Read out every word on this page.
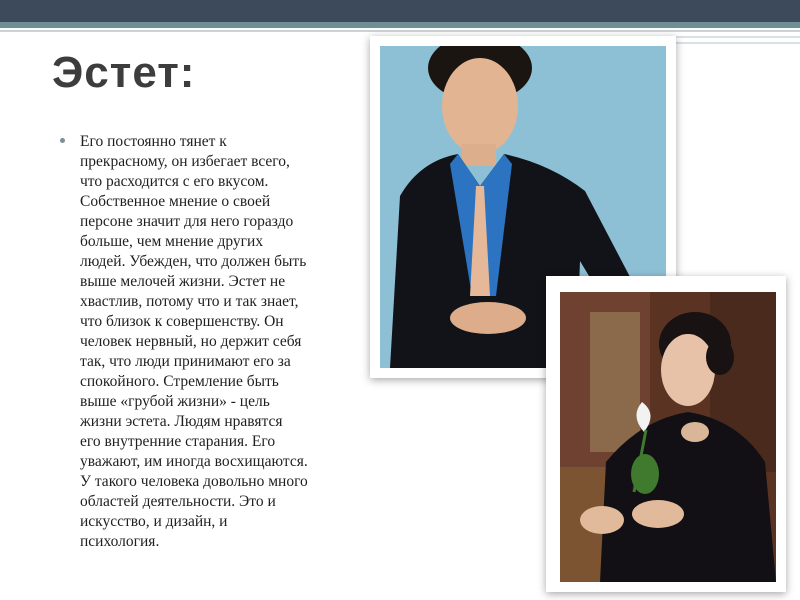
Эстет:

Его постоянно тянет к
прекрасному, он избегает всего,
что расходится с его вкусом.
Собственное мнение о своей
персоне значит для него гораздо
больше, чем мнение других
людей. Убежден, что должен быть
выше мелочей жизни. Эстет не
хвастлив, потому что и так знает,
что близок к совершенству. Он
человек нервный, но держит себя
так, что люди принимают его за
спокойного. Стремление быть
выше «грубой жизни» - цель
жизни эстета. Людям нравятся
его внутренние старания. Его
уважают, им иногда восхищаются.
У такого человека довольно много
областей деятельности. Это и
искусство, и дизайн, и
психология.
